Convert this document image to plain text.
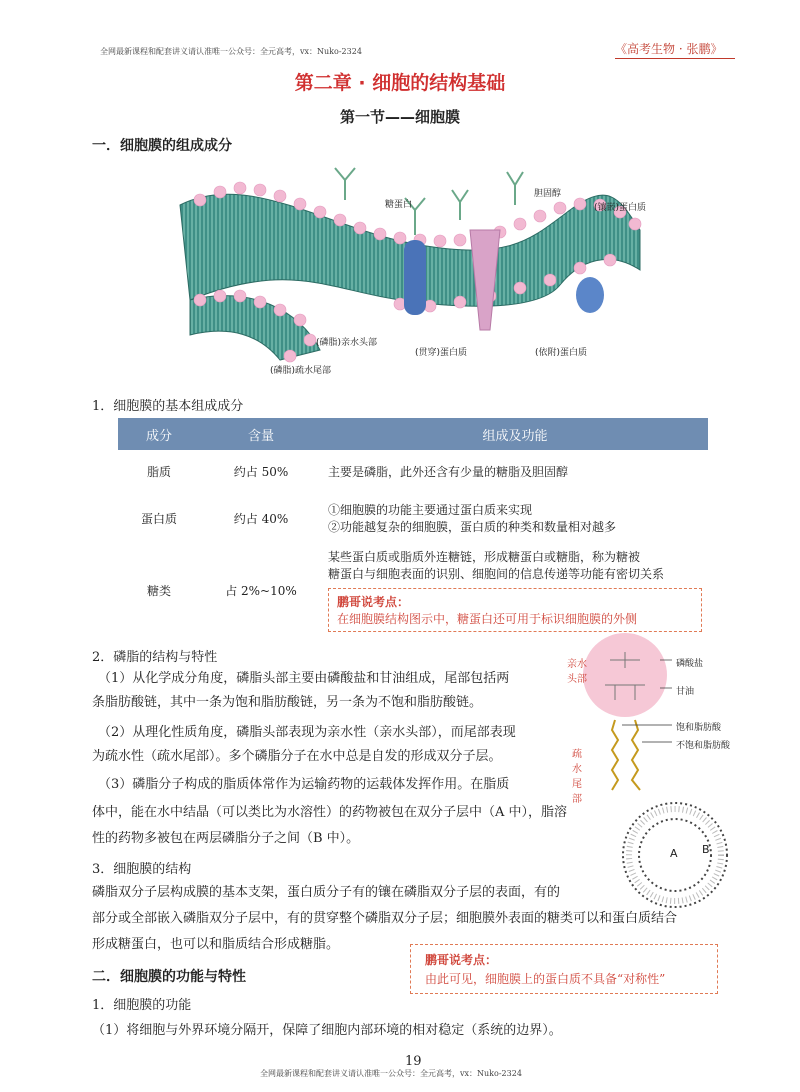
全网最新课程和配套讲义请认准唯一公众号：全元高考，vx：Nuko-2324	《高考生物 · 张鹏》
第二章 · 细胞的结构基础
第一节——细胞膜
一．细胞膜的组成成分
糖蛋白
胆固醇
(镶嵌)蛋白质
(磷脂)亲水头部
(磷脂)疏水尾部
(贯穿)蛋白质	(依附)蛋白质
1．细胞膜的基本组成成分
成分	含量	组成及功能
脂质	约占 50%	主要是磷脂，此外还含有少量的糖脂及胆固醇

蛋白质	约占 40%	①细胞膜的功能主要通过蛋白质来实现
②功能越复杂的细胞膜，蛋白质的种类和数量相对越多

糖类	占 2%~10%	某些蛋白质或脂质外连糖链，形成糖蛋白或糖脂，称为糖被
糖蛋白与细胞表面的识别、细胞间的信息传递等功能有密切关系
鹏哥说考点：
在细胞膜结构图示中，糖蛋白还可用于标识细胞膜的外侧
2．磷脂的结构与特性
（1）从化学成分角度，磷脂头部主要由磷酸盐和甘油组成，尾部包括两
条脂肪酸链，其中一条为饱和脂肪酸链，另一条为不饱和脂肪酸链。
（2）从理化性质角度，磷脂头部表现为亲水性（亲水头部），而尾部表现
为疏水性（疏水尾部）。多个磷脂分子在水中总是自发的形成双分子层。
（3）磷脂分子构成的脂质体常作为运输药物的运载体发挥作用。在脂质
体中，能在水中结晶（可以类比为水溶性）的药物被包在双分子层中（A 中），脂溶
性的药物多被包在两层磷脂分子之间（B 中）。
亲水头部
疏水尾部
磷酸盐
甘油
饱和脂肪酸
不饱和脂肪酸
A B
3．细胞膜的结构
磷脂双分子层构成膜的基本支架，蛋白质分子有的镶在磷脂双分子层的表面，有的
部分或全部嵌入磷脂双分子层中，有的贯穿整个磷脂双分子层；细胞膜外表面的糖类可以和蛋白质结合
形成糖蛋白，也可以和脂质结合形成糖脂。
鹏哥说考点：
由此可见，细胞膜上的蛋白质不具备“对称性”
二．细胞膜的功能与特性
1．细胞膜的功能
（1）将细胞与外界环境分隔开，保障了细胞内部环境的相对稳定（系统的边界）。
19
全网最新课程和配套讲义请认准唯一公众号：全元高考，vx：Nuko-2324
